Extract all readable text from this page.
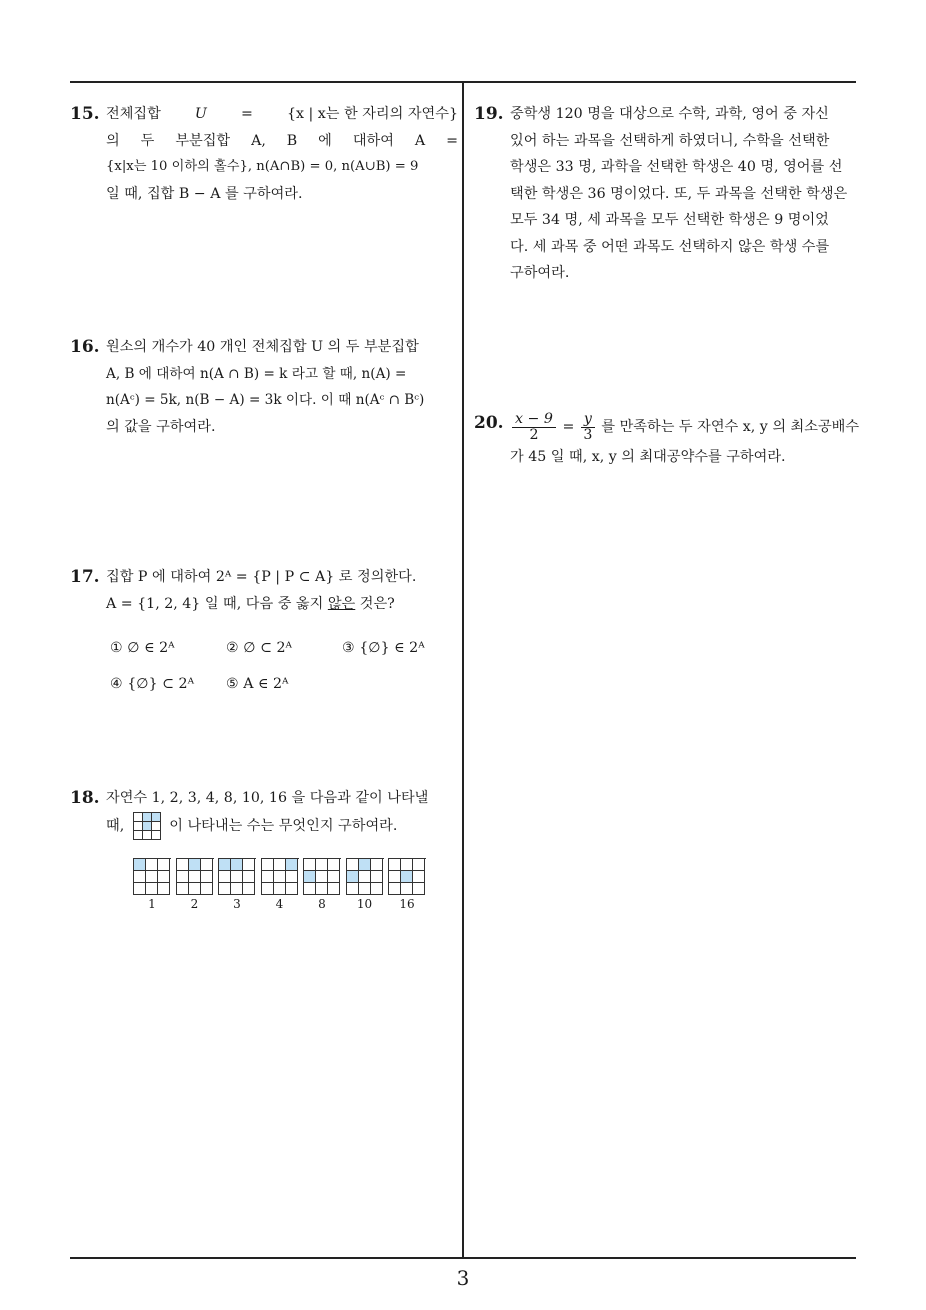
15. 전체집합 U = {x | x는 한 자리의 자연수}
의 두 부분집합 A, B 에 대하여 A =
{x|x는 10 이하의 홀수}, n(A∩B) = 0, n(A∪B) = 9
일 때, 집합 B − A 를 구하여라.
16. 원소의 개수가 40 개인 전체집합 U 의 두 부분집합
A, B 에 대하여 n(A ∩ B) = k 라고 할 때, n(A) =
n(Aᶜ) = 5k, n(B − A) = 3k 이다. 이 때 n(Aᶜ ∩ Bᶜ)
의 값을 구하여라.
17. 집합 P 에 대하여 2ᴬ = {P | P ⊂ A} 로 정의한다.
A = {1, 2, 4} 일 때, 다음 중 옳지 않은 것은?
① ∅ ∈ 2ᴬ	② ∅ ⊂ 2ᴬ	③ {∅} ∈ 2ᴬ
④ {∅} ⊂ 2ᴬ ⑤ A ∈ 2ᴬ
18. 자연수 1, 2, 3, 4, 8, 10, 16 을 다음과 같이 나타낼
때,	이 나타내는 수는 무엇인지 구하여라.
1	2	3	4	8	10	16
19. 중학생 120 명을 대상으로 수학, 과학, 영어 중 자신
있어 하는 과목을 선택하게 하였더니, 수학을 선택한
학생은 33 명, 과학을 선택한 학생은 40 명, 영어를 선
택한 학생은 36 명이었다. 또, 두 과목을 선택한 학생은
모두 34 명, 세 과목을 모두 선택한 학생은 9 명이었
다. 세 과목 중 어떤 과목도 선택하지 않은 학생 수를
구하여라.
20. $\frac{x - 9}{2} = \frac{y}{3}$ 를 만족하는 두 자연수 x, y 의 최소공배수
가 45 일 때, x, y 의 최대공약수를 구하여라.
3
